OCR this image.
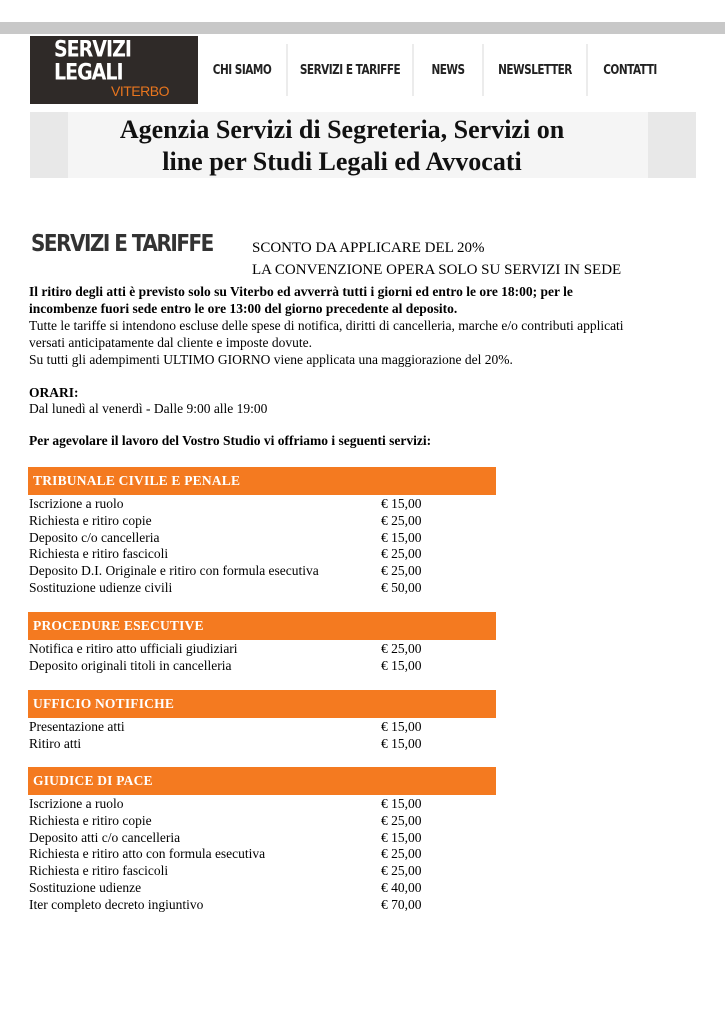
SERVIZI LEGALI
VITERBO
CHI SIAMO	SERVIZI E TARIFFE	NEWS	NEWSLETTER	CONTATTI
Agenzia Servizi di Segreteria, Servizi on
line per Studi Legali ed Avvocati
SERVIZI E TARIFFE	SCONTO DA APPLICARE DEL 20%
LA CONVENZIONE OPERA SOLO SU SERVIZI IN SEDE
Il ritiro degli atti è previsto solo su Viterbo ed avverrà tutti i giorni ed entro le ore 18:00; per le
incombenze fuori sede entro le ore 13:00 del giorno precedente al deposito.
Tutte le tariffe si intendono escluse delle spese di notifica, diritti di cancelleria, marche e/o contributi applicati
versati anticipatamente dal cliente e imposte dovute.
Su tutti gli adempimenti ULTIMO GIORNO viene applicata una maggiorazione del 20%.
ORARI:
Dal lunedì al venerdì - Dalle 9:00 alle 19:00
Per agevolare il lavoro del Vostro Studio vi offriamo i seguenti servizi:
TRIBUNALE CIVILE E PENALE
Iscrizione a ruolo	€ 15,00
Richiesta e ritiro copie	€ 25,00
Deposito c/o cancelleria	€ 15,00
Richiesta e ritiro fascicoli	€ 25,00
Deposito D.I. Originale e ritiro con formula esecutiva	€ 25,00
Sostituzione udienze civili	€ 50,00
PROCEDURE ESECUTIVE
Notifica e ritiro atto ufficiali giudiziari	€ 25,00
Deposito originali titoli in cancelleria	€ 15,00
UFFICIO NOTIFICHE
Presentazione atti	€ 15,00
Ritiro atti	€ 15,00
GIUDICE DI PACE
Iscrizione a ruolo	€ 15,00
Richiesta e ritiro copie	€ 25,00
Deposito atti c/o cancelleria	€ 15,00
Richiesta e ritiro atto con formula esecutiva	€ 25,00
Richiesta e ritiro fascicoli	€ 25,00
Sostituzione udienze	€ 40,00
Iter completo decreto ingiuntivo	€ 70,00
